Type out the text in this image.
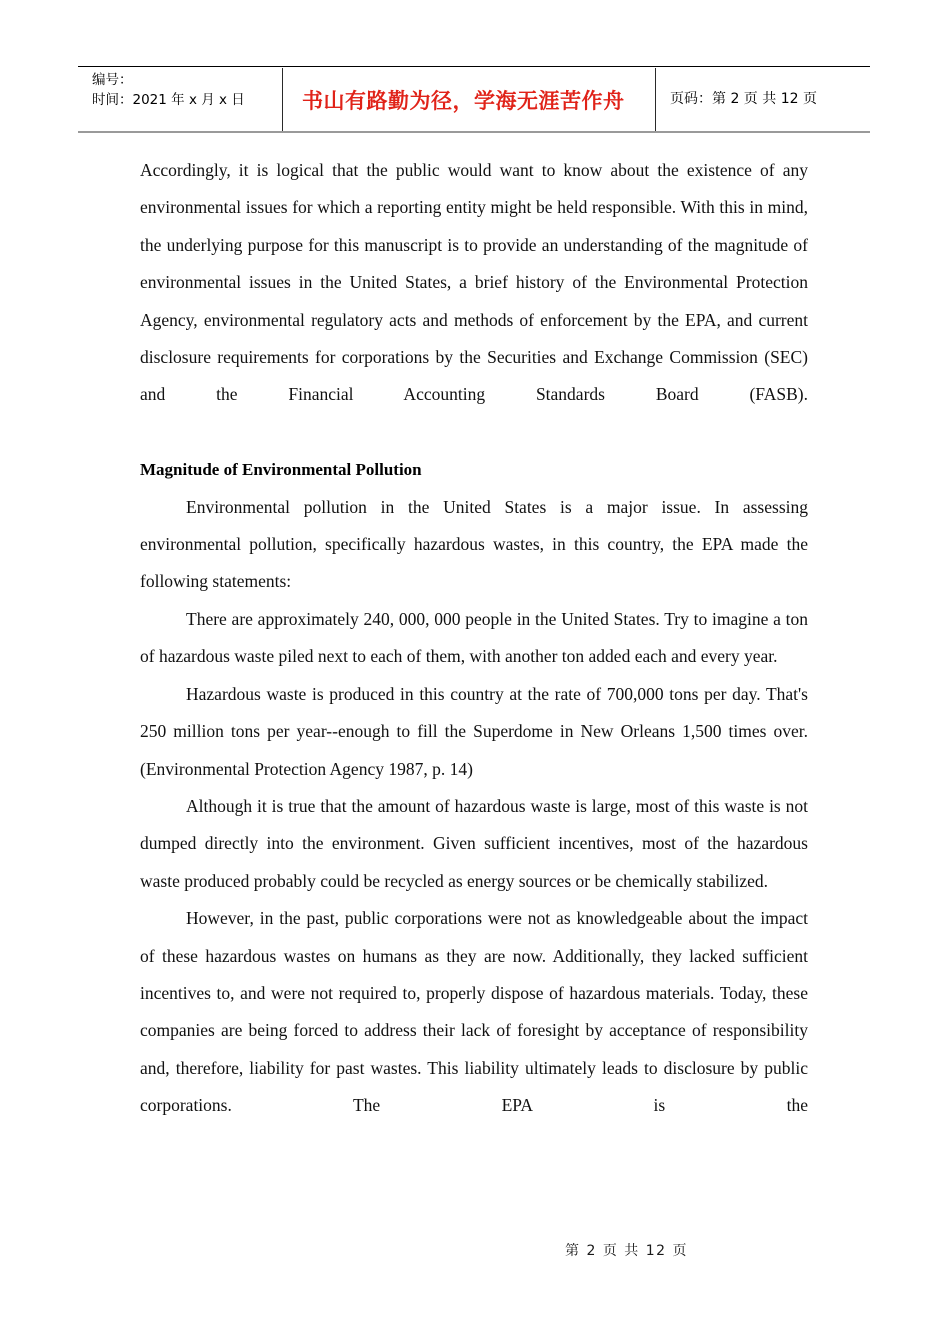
编号：
时间：2021 年 x 月 x 日	书山有路勤为径，学海无涯苦作舟	页码：第 2 页 共 12 页

Accordingly, it is logical that the public would want to know about the existence of any environmental issues for which a reporting entity might be held responsible. With this in mind, the underlying purpose for this manuscript is to provide an understanding of the magnitude of environmental issues in the United States, a brief history of the Environmental Protection Agency, environmental regulatory acts and methods of enforcement by the EPA, and current disclosure requirements for corporations by the Securities and Exchange Commission (SEC) and the Financial Accounting Standards Board (FASB).

Magnitude of Environmental Pollution

Environmental pollution in the United States is a major issue. In assessing environmental pollution, specifically hazardous wastes, in this country, the EPA made the following statements:

There are approximately 240, 000, 000 people in the United States. Try to imagine a ton of hazardous waste piled next to each of them, with another ton added each and every year.

Hazardous waste is produced in this country at the rate of 700,000 tons per day. That's 250 million tons per year--enough to fill the Superdome in New Orleans 1,500 times over. (Environmental Protection Agency 1987, p. 14)

Although it is true that the amount of hazardous waste is large, most of this waste is not dumped directly into the environment. Given sufficient incentives, most of the hazardous waste produced probably could be recycled as energy sources or be chemically stabilized.

However, in the past, public corporations were not as knowledgeable about the impact of these hazardous wastes on humans as they are now. Additionally, they lacked sufficient incentives to, and were not required to, properly dispose of hazardous materials. Today, these companies are being forced to address their lack of foresight by acceptance of responsibility and, therefore, liability for past wastes. This liability ultimately leads to disclosure by public corporations. The EPA is the

第 2 页 共 12 页
